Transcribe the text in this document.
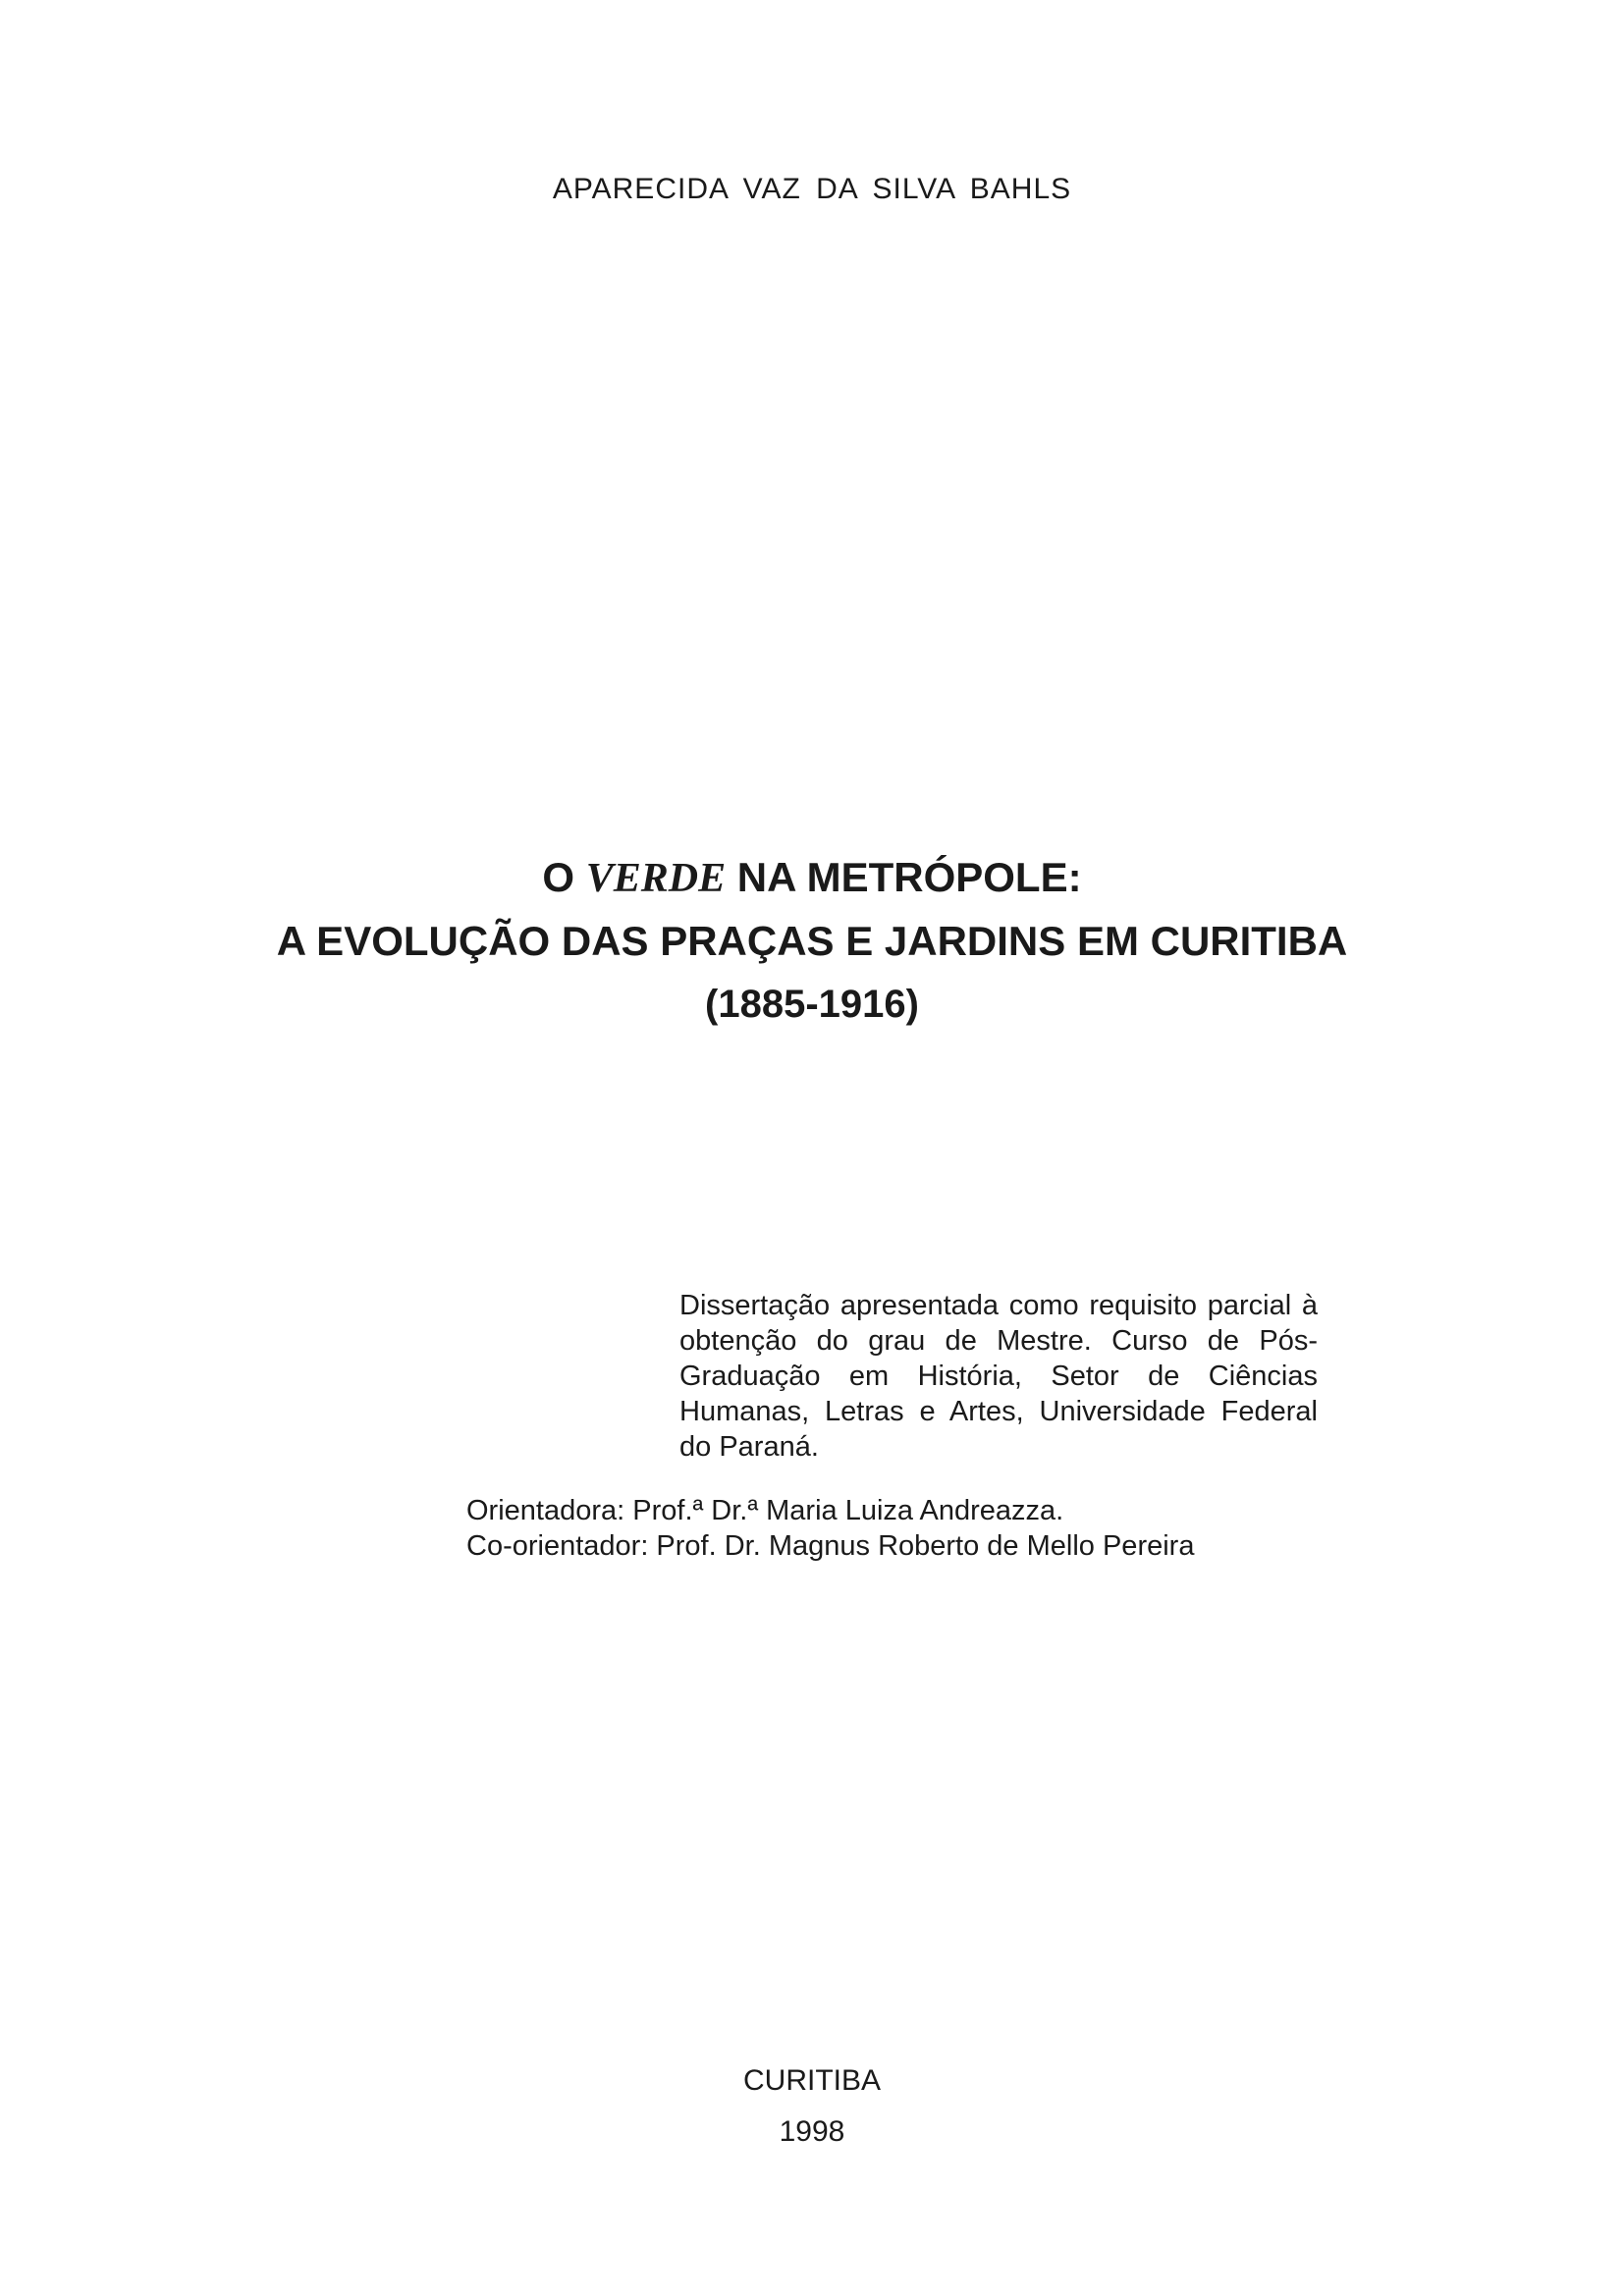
APARECIDA VAZ DA SILVA BAHLS
O VERDE NA METRÓPOLE:
A EVOLUÇÃO DAS PRAÇAS E JARDINS EM CURITIBA
(1885-1916)
Dissertação apresentada como requisito parcial à obtenção do grau de Mestre. Curso de Pós-Graduação em História, Setor de Ciências Humanas, Letras e Artes, Universidade Federal do Paraná.
Orientadora: Prof.ª Dr.ª Maria Luiza Andreazza.
Co-orientador: Prof. Dr. Magnus Roberto de Mello Pereira
CURITIBA
1998
